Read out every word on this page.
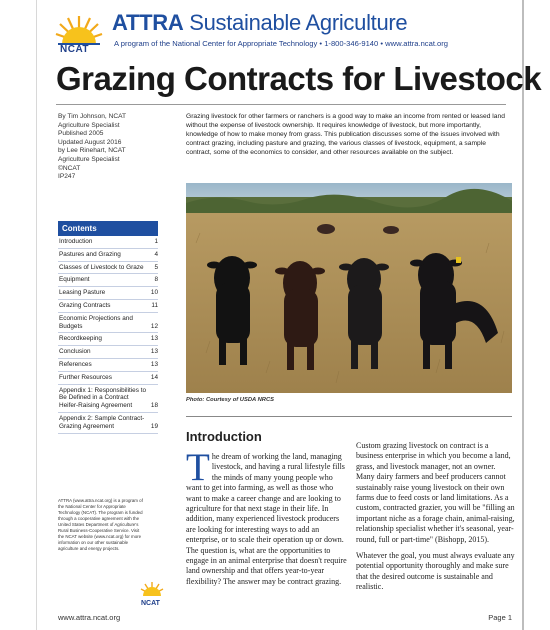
NCAT
ATTRA Sustainable Agriculture
A program of the National Center for Appropriate Technology • 1-800-346-9140 • www.attra.ncat.org
Grazing Contracts for Livestock
By Tim Johnson, NCAT
Agriculture Specialist
Published 2005
Updated August 2016
by Lee Rinehart, NCAT
Agriculture Specialist
©NCAT
IP247
Contents
Introduction	1
Pastures and Grazing	4
Classes of Livestock to Graze	5
Equipment	8
Leasing Pasture	10
Grazing Contracts	11
Economic Projections and Budgets	12
Recordkeeping	13
Conclusion	13
References	13
Further Resources	14
Appendix 1: Responsibilities to Be Defined in a Contract Heifer-Raising Agreement	18
Appendix 2: Sample Contract-Grazing Agreement	19
ATTRA (www.attra.ncat.org) is a program of the National Center for Appropriate Technology (NCAT). The program is funded through a cooperative agreement with the United States Department of Agriculture's Rural Business-Cooperative Service. Visit the NCAT website (www.ncat.org) for more information on our other sustainable agriculture and energy projects.
NCAT
Grazing livestock for other farmers or ranchers is a good way to make an income from rented or leased land without the expense of livestock ownership. It requires knowledge of livestock, but more importantly, knowledge of how to make money from grass. This publication discusses some of the issues involved with contract grazing, including pasture and grazing, the various classes of livestock, equipment, a sample contract, some of the economics to consider, and other resources available on the subject.
Photo: Courtesy of USDA NRCS
Introduction
The dream of working the land, managing livestock, and having a rural lifestyle fills the minds of many young people who want to get into farming, as well as those who want to make a career change and are looking to agriculture for that next stage in their life. In addition, many experienced livestock producers are looking for interesting ways to add an enterprise, or to scale their operation up or down. The question is, what are the opportunities to engage in an animal enterprise that doesn't require land ownership and that offers year-to-year flexibility? The answer may be contract grazing.

Custom grazing livestock on contract is a business enterprise in which you become a land, grass, and livestock manager, not an owner. Many dairy farmers and beef producers cannot sustainably raise young livestock on their own farms due to feed costs or land limitations. As a custom, contracted grazier, you will be "filling an important niche as a forage chain, animal-raising, relationship specialist whether it's seasonal, year-round, full or part-time" (Bishopp, 2015).

Whatever the goal, you must always evaluate any potential opportunity thoroughly and make sure that the desired outcome is sustainable and realistic.

www.attra.ncat.org	Page 1
